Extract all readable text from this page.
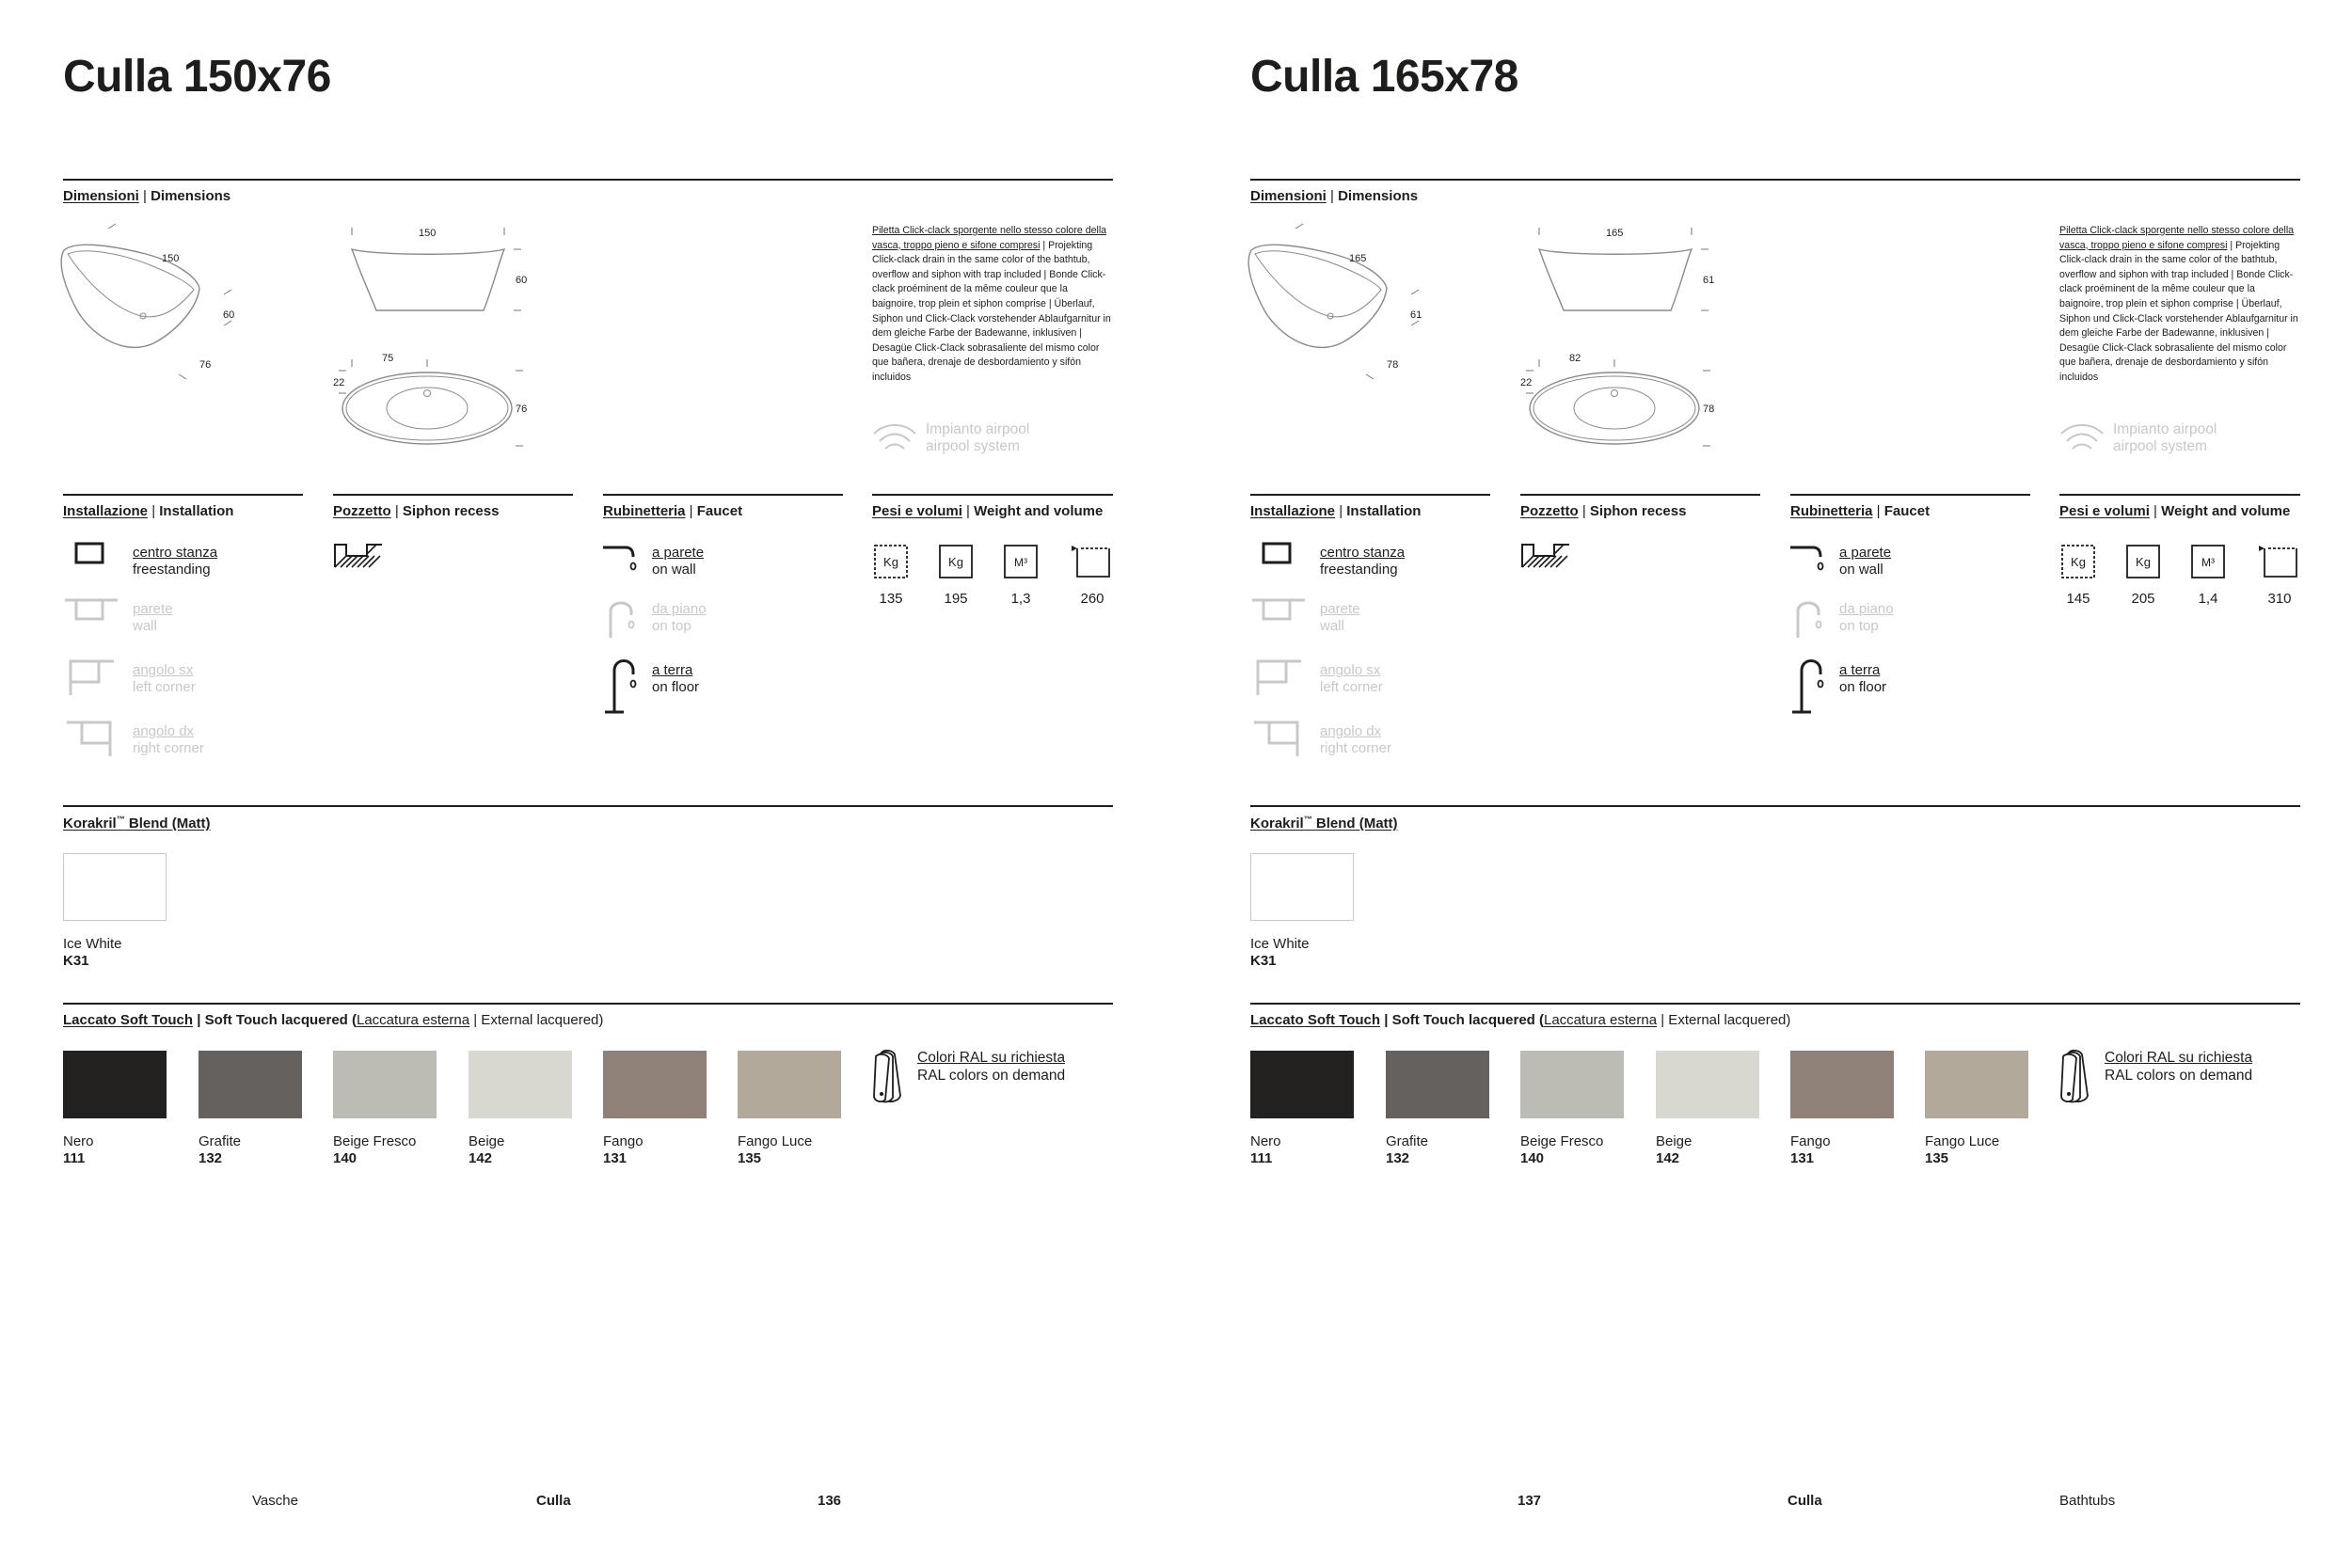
Culla 150x76
Dimensioni | Dimensions
150
60
76
150
60
75
22
76

Piletta Click-clack sporgente nello stesso colore della vasca, troppo pieno e sifone compresi | Projekting Click-clack drain in the same color of the bathtub, overflow and siphon with trap included | Bonde Click-clack proéminent de la même couleur que la baignoire, trop plein et siphon comprise | Überlauf, Siphon und Click-Clack vorstehender Ablaufgarnitur in dem gleiche Farbe der Badewanne, inklusiven | Desagüe Click-Clack sobrasaliente del mismo color que bañera, drenaje de desbordamiento y sifón incluidos

Impianto airpool
airpool system
Installazione | Installation	Pozzetto | Siphon recess	Rubinetteria | Faucet	Pesi e volumi | Weight and volume
centro stanza
freestanding
parete
wall
angolo sx
left corner
angolo dx
right corner
a parete
on wall
da piano
on top
a terra
on floor
Kg
135
Kg
195
M³
1,3	260
Korakril™ Blend (Matt)
Ice White
K31
Laccato Soft Touch | Soft Touch lacquered (Laccatura esterna | External lacquered)
Nero
111
Grafite
132
Beige Fresco
140
Beige
142
Fango
131
Fango Luce
135
Colori RAL su richiesta
RAL colors on demand
Vasche	Culla	136
Culla 165x78
Dimensioni | Dimensions
165
61
78
165
61
82
22
78

Piletta Click-clack sporgente nello stesso colore della vasca, troppo pieno e sifone compresi | Projekting Click-clack drain in the same color of the bathtub, overflow and siphon with trap included | Bonde Click-clack proéminent de la même couleur que la baignoire, trop plein et siphon comprise | Überlauf, Siphon und Click-Clack vorstehender Ablaufgarnitur in dem gleiche Farbe der Badewanne, inklusiven | Desagüe Click-Clack sobrasaliente del mismo color que bañera, drenaje de desbordamiento y sifón incluidos

Impianto airpool
airpool system
Installazione | Installation	Pozzetto | Siphon recess	Rubinetteria | Faucet	Pesi e volumi | Weight and volume
centro stanza
freestanding
parete
wall
angolo sx
left corner
angolo dx
right corner
a parete
on wall
da piano
on top
a terra
on floor
Kg
145
Kg
205
M³
1,4	310
Korakril™ Blend (Matt)
Ice White
K31
Laccato Soft Touch | Soft Touch lacquered (Laccatura esterna | External lacquered)
Nero
111
Grafite
132
Beige Fresco
140
Beige
142
Fango
131
Fango Luce
135
Colori RAL su richiesta
RAL colors on demand
137	Culla	Bathtubs
